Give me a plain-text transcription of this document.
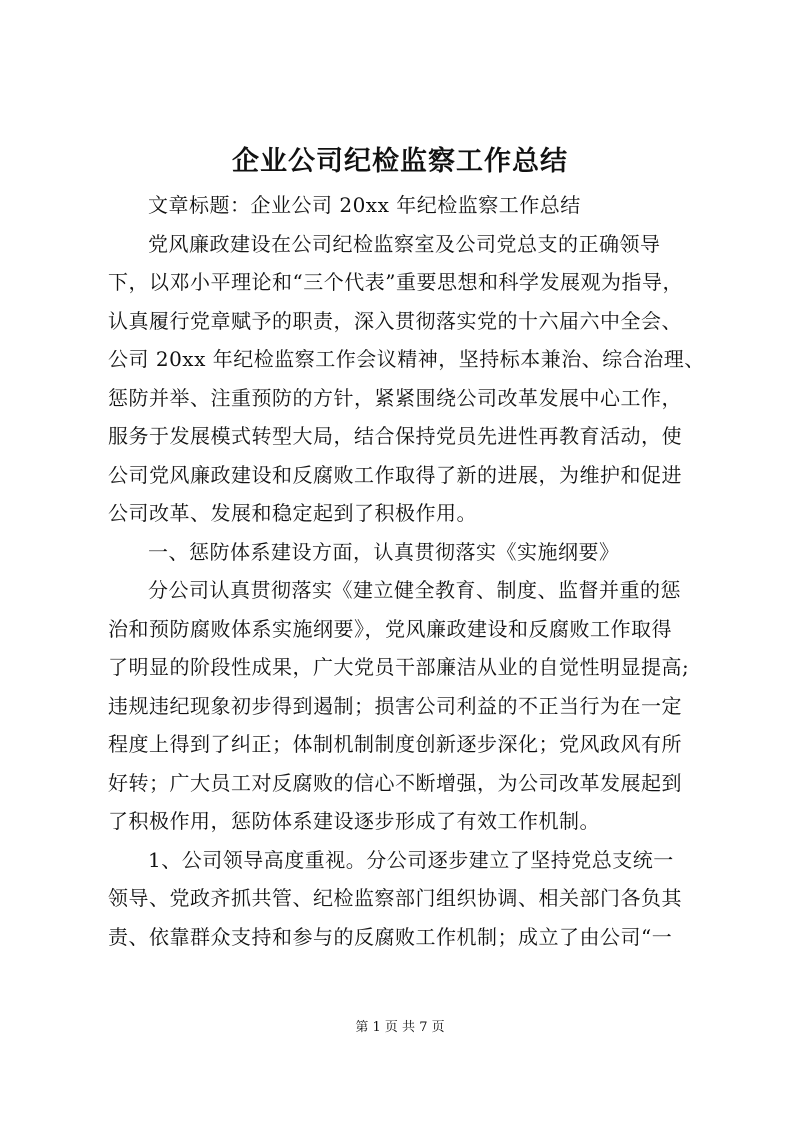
企业公司纪检监察工作总结
文章标题：企业公司 20xx 年纪检监察工作总结
党风廉政建设在公司纪检监察室及公司党总支的正确领导
下，以邓小平理论和“三个代表”重要思想和科学发展观为指导，
认真履行党章赋予的职责，深入贯彻落实党的十六届六中全会、
公司 20xx 年纪检监察工作会议精神，坚持标本兼治、综合治理、
惩防并举、注重预防的方针，紧紧围绕公司改革发展中心工作，
服务于发展模式转型大局，结合保持党员先进性再教育活动，使
公司党风廉政建设和反腐败工作取得了新的进展，为维护和促进
公司改革、发展和稳定起到了积极作用。
一、惩防体系建设方面，认真贯彻落实《实施纲要》
分公司认真贯彻落实《建立健全教育、制度、监督并重的惩
治和预防腐败体系实施纲要》，党风廉政建设和反腐败工作取得
了明显的阶段性成果，广大党员干部廉洁从业的自觉性明显提高;
违规违纪现象初步得到遏制；损害公司利益的不正当行为在一定
程度上得到了纠正；体制机制制度创新逐步深化；党风政风有所
好转；广大员工对反腐败的信心不断增强，为公司改革发展起到
了积极作用，惩防体系建设逐步形成了有效工作机制。
1、公司领导高度重视。分公司逐步建立了坚持党总支统一
领导、党政齐抓共管、纪检监察部门组织协调、相关部门各负其
责、依靠群众支持和参与的反腐败工作机制；成立了由公司“一
第 1 页 共 7 页
